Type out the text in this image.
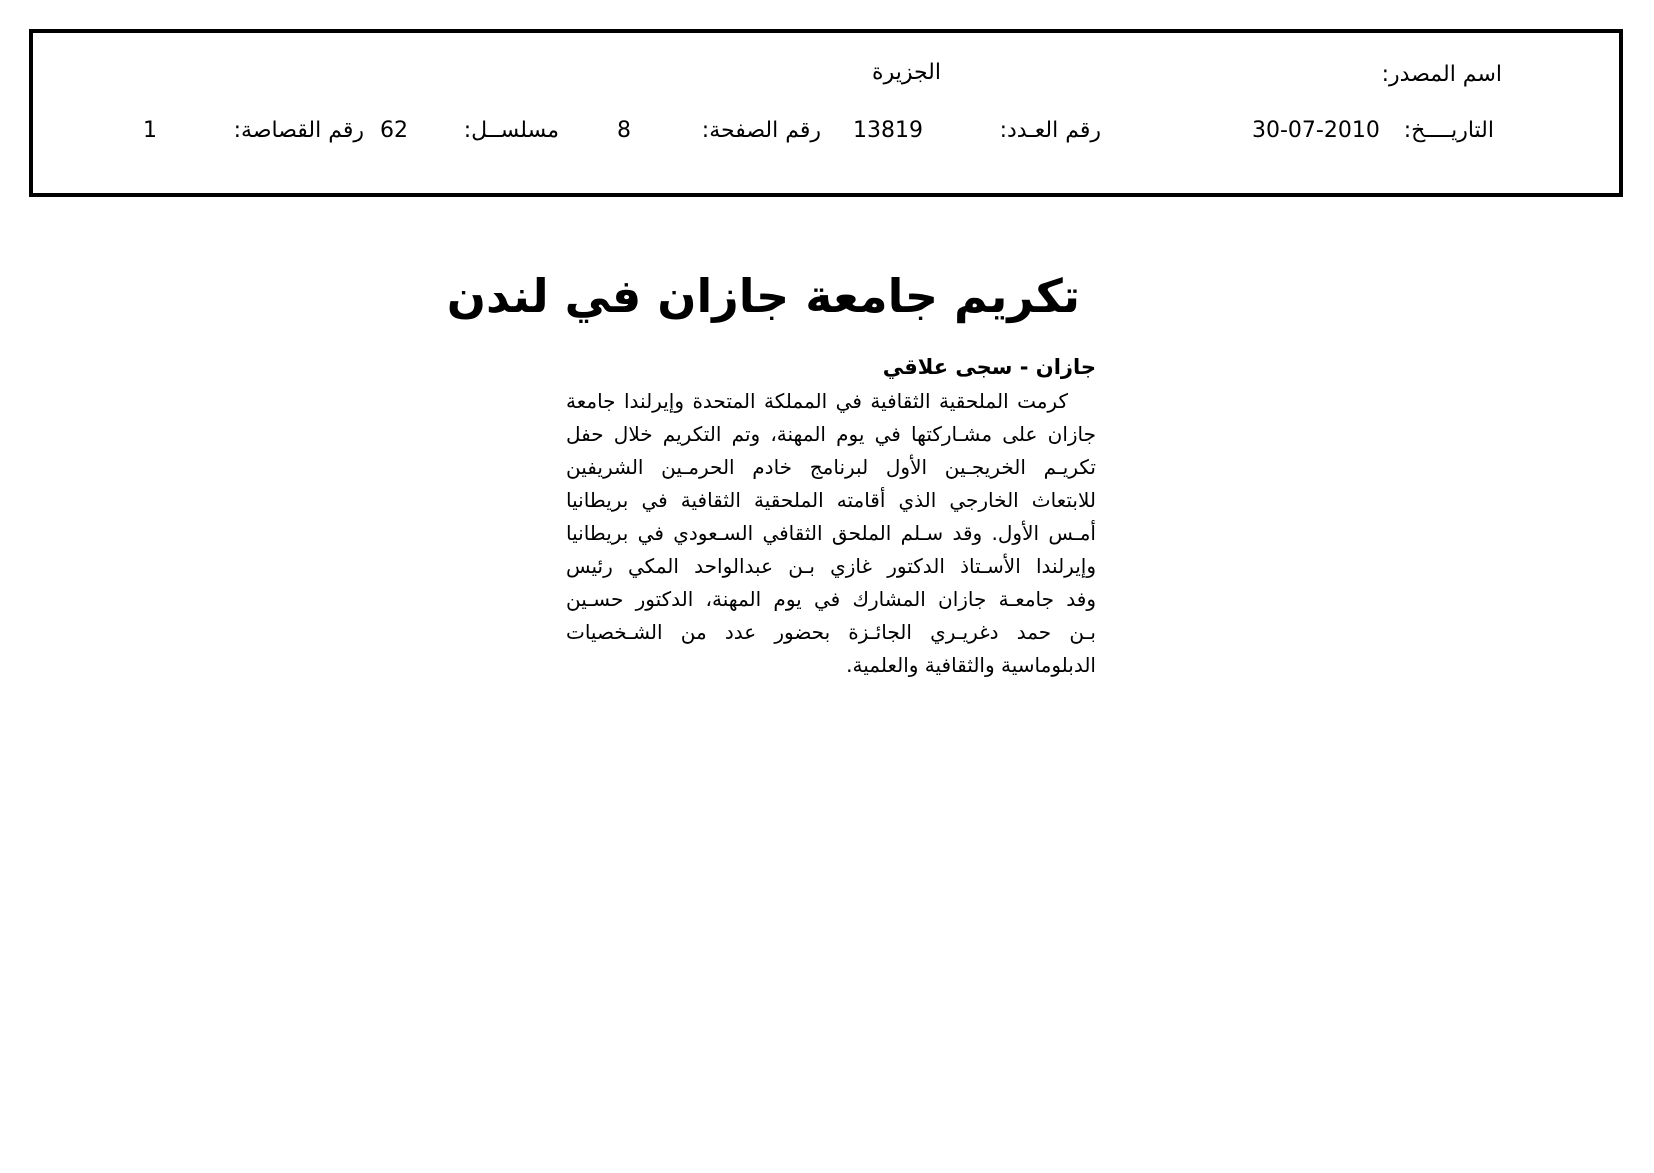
اسم المصدر:
الجزيرة
التاريــــخ:
30-07-2010
رقم العـدد:
13819
رقم الصفحة:
8
مسلســل:
62
رقم القصاصة:
1
تكريم جامعة جازان في لندن
جازان - سجى علاقي
كرمت الملحقية الثقافية في المملكة المتحدة وإيرلندا جامعة
جازان على مشـاركتها في يوم المهنة، وتم التكريم خلال حفل
تكريـم الخريجـين الأول لبرنامج خادم الحرمـين الشريفين
للابتعاث الخارجي الذي أقامته الملحقية الثقافية في بريطانيا
أمـس الأول. وقد سـلم الملحق الثقافي السـعودي في بريطانيا
وإيرلندا الأسـتاذ الدكتور غازي بـن عبدالواحد المكي رئيس
وفد جامعـة جازان المشارك في يوم المهنة، الدكتور حسـين
بـن حمد دغريـري الجائـزة بحضور عدد من الشـخصيات
الدبلوماسية والثقافية والعلمية.
